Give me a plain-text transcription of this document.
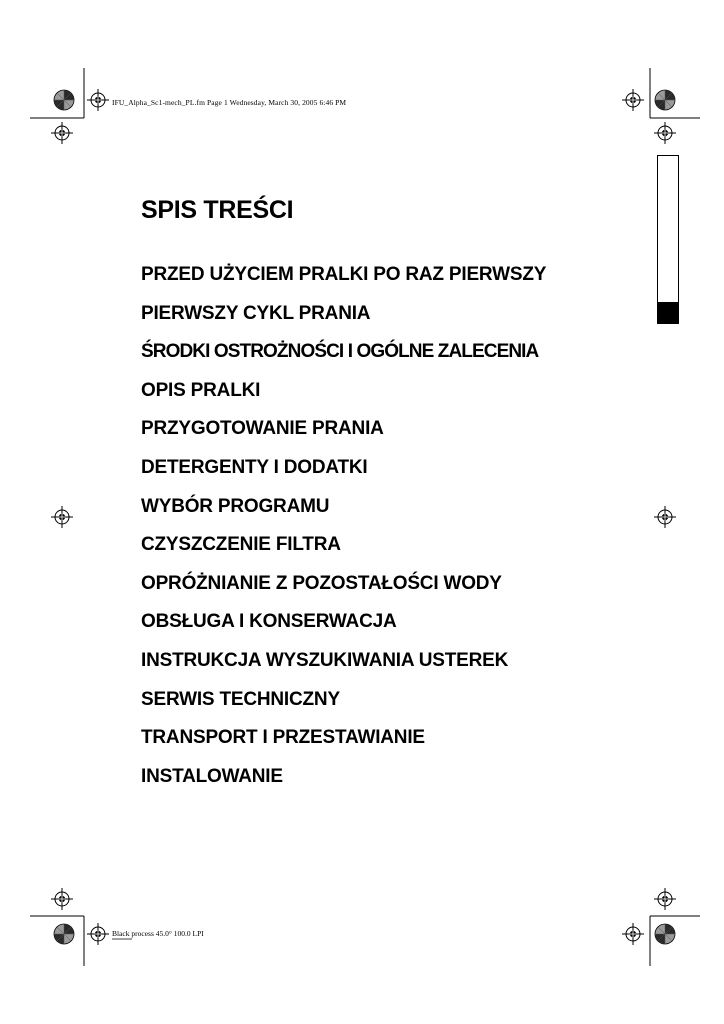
IFU_Alpha_Sc1-mech_PL.fm Page 1 Wednesday, March 30, 2005 6:46 PM
SPIS TREŚCI
PRZED UŻYCIEM PRALKI PO RAZ PIERWSZY
PIERWSZY CYKL PRANIA
ŚRODKI OSTROŻNOŚCI I OGÓLNE ZALECENIA
OPIS PRALKI
PRZYGOTOWANIE PRANIA
DETERGENTY I DODATKI
WYBÓR PROGRAMU
CZYSZCZENIE FILTRA
OPRÓŻNIANIE Z POZOSTAŁOŚCI WODY
OBSŁUGA I KONSERWACJA
INSTRUKCJA WYSZUKIWANIA USTEREK
SERWIS TECHNICZNY
TRANSPORT I PRZESTAWIANIE
INSTALOWANIE
Black process 45.0° 100.0 LPI
